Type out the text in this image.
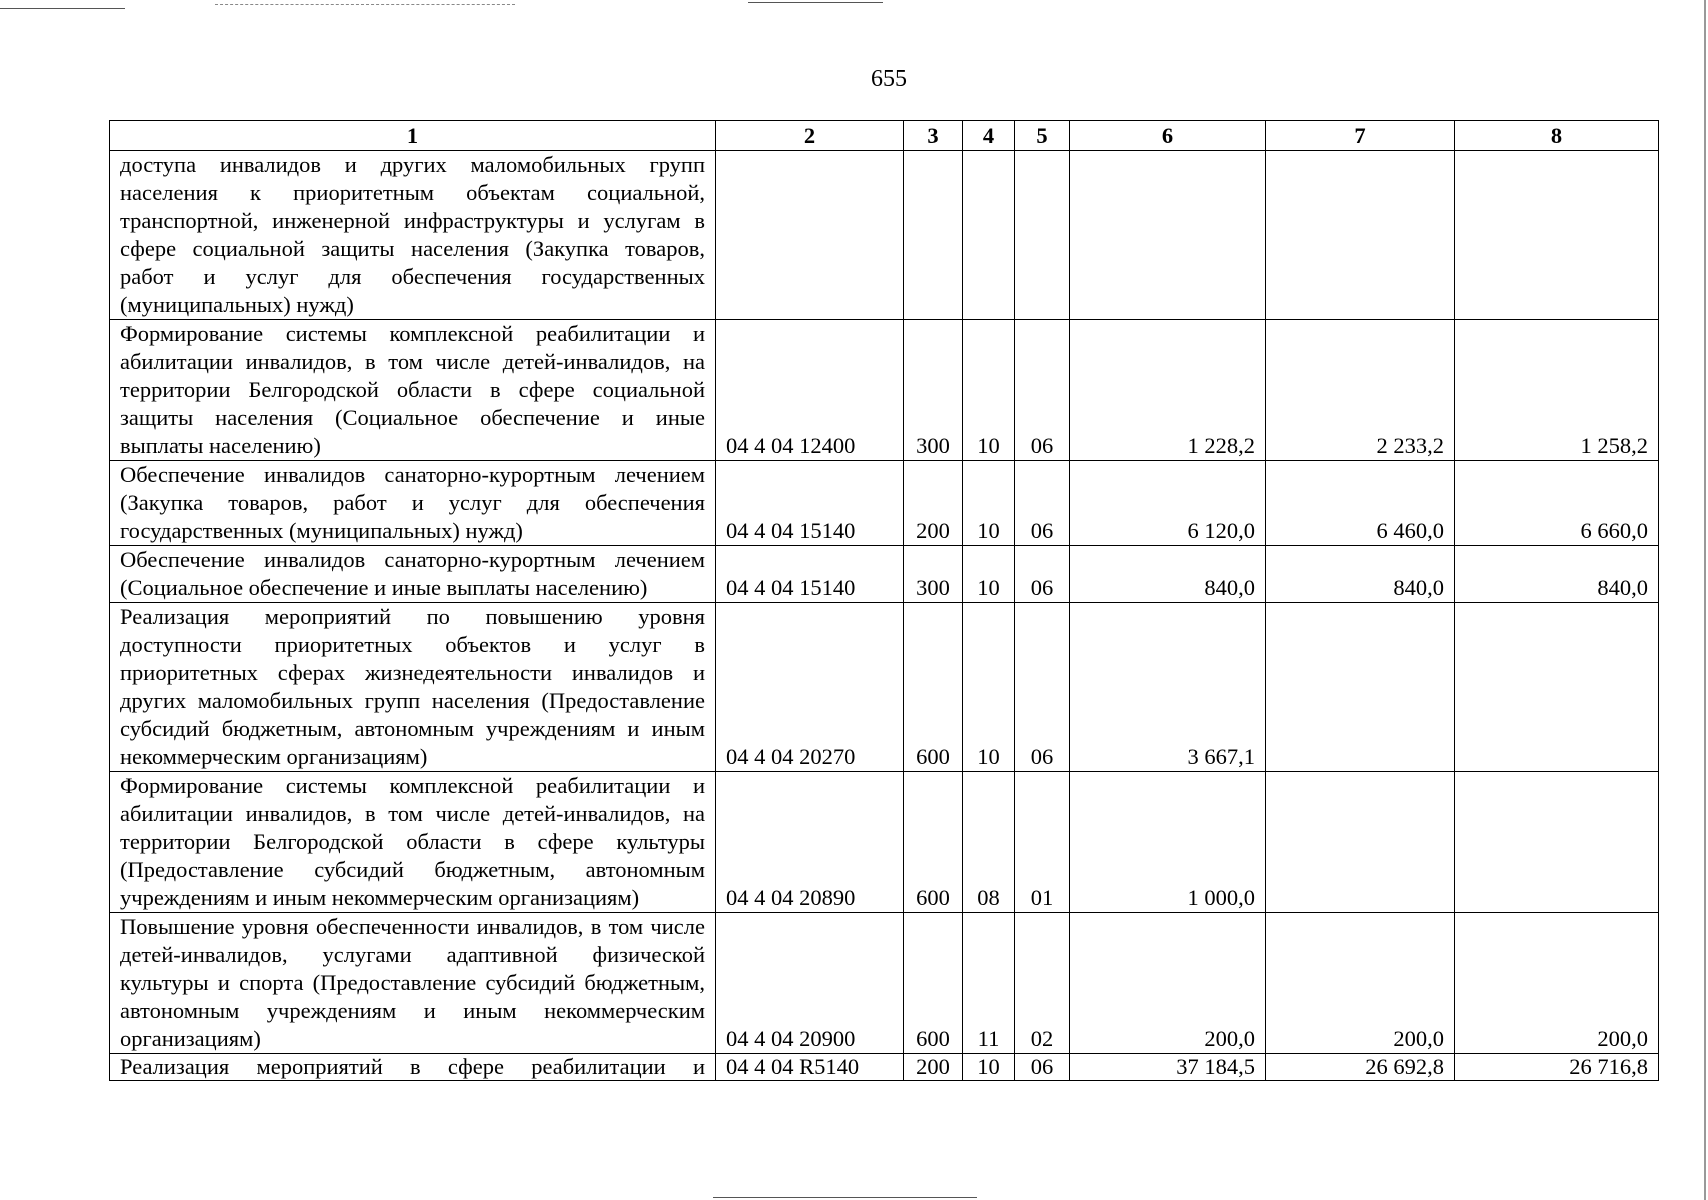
655
1	2	3	4	5	6	7	8
доступа инвалидов и других маломобильных групп населения к приоритетным объектам социальной, транспортной, инженерной инфраструктуры и услугам в сфере социальной защиты населения (Закупка товаров, работ и услуг для обеспечения государственных (муниципальных) нужд)							
Формирование системы комплексной реабилитации и абилитации инвалидов, в том числе детей-инвалидов, на территории Белгородской области в сфере социальной защиты населения (Социальное обеспечение и иные выплаты населению)	04 4 04 12400	300	10	06	1 228,2	2 233,2	1 258,2
Обеспечение инвалидов санаторно-курортным лечением (Закупка товаров, работ и услуг для обеспечения государственных (муниципальных) нужд)	04 4 04 15140	200	10	06	6 120,0	6 460,0	6 660,0
Обеспечение инвалидов санаторно-курортным лечением (Социальное обеспечение и иные выплаты населению)	04 4 04 15140	300	10	06	840,0	840,0	840,0
Реализация мероприятий по повышению уровня доступности приоритетных объектов и услуг в приоритетных сферах жизнедеятельности инвалидов и других маломобильных групп населения (Предоставление субсидий бюджетным, автономным учреждениям и иным некоммерческим организациям)	04 4 04 20270	600	10	06	3 667,1		
Формирование системы комплексной реабилитации и абилитации инвалидов, в том числе детей-инвалидов, на территории Белгородской области в сфере культуры (Предоставление субсидий бюджетным, автономным учреждениям и иным некоммерческим организациям)	04 4 04 20890	600	08	01	1 000,0		
Повышение уровня обеспеченности инвалидов, в том числе детей-инвалидов, услугами адаптивной физической культуры и спорта (Предоставление субсидий бюджетным, автономным учреждениям и иным некоммерческим организациям)	04 4 04 20900	600	11	02	200,0	200,0	200,0
Реализация мероприятий в сфере реабилитации и	04 4 04 R5140	200	10	06	37 184,5	26 692,8	26 716,8
